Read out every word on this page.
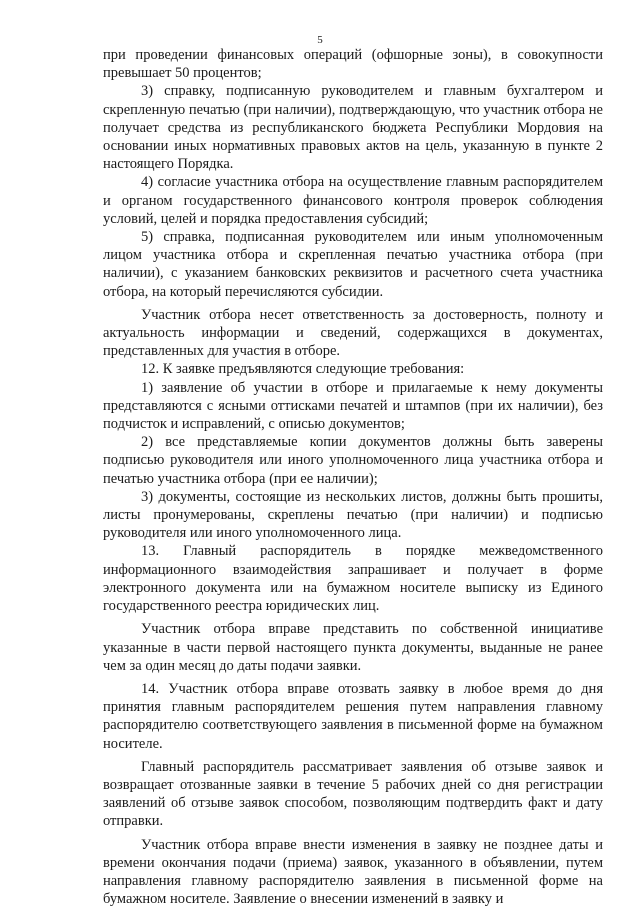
5

при проведении финансовых операций (офшорные зоны), в совокупности превышает 50 процентов;

3) справку, подписанную руководителем и главным бухгалтером и скрепленную печатью (при наличии), подтверждающую, что участник отбора не получает средства из республиканского бюджета Республики Мордовия на основании иных нормативных правовых актов на цель, указанную в пункте 2 настоящего Порядка.

4) согласие участника отбора на осуществление главным распорядителем и органом государственного финансового контроля проверок соблюдения условий, целей и порядка предоставления субсидий;

5) справка, подписанная руководителем или иным уполномоченным лицом участника отбора и скрепленная печатью участника отбора (при наличии), с указанием банковских реквизитов и расчетного счета участника отбора, на который перечисляются субсидии.

Участник отбора несет ответственность за достоверность, полноту и актуальность информации и сведений, содержащихся в документах, представленных для участия в отборе.

12. К заявке предъявляются следующие требования:

1) заявление об участии в отборе и прилагаемые к нему документы представляются с ясными оттисками печатей и штампов (при их наличии), без подчисток и исправлений, с описью документов;

2) все представляемые копии документов должны быть заверены подписью руководителя или иного уполномоченного лица участника отбора и печатью участника отбора (при ее наличии);

3) документы, состоящие из нескольких листов, должны быть прошиты, листы пронумерованы, скреплены печатью (при наличии) и подписью руководителя или иного уполномоченного лица.

13. Главный распорядитель в порядке межведомственного информационного взаимодействия запрашивает и получает в форме электронного документа или на бумажном носителе выписку из Единого государственного реестра юридических лиц.

Участник отбора вправе представить по собственной инициативе указанные в части первой настоящего пункта документы, выданные не ранее чем за один месяц до даты подачи заявки.

14. Участник отбора вправе отозвать заявку в любое время до дня принятия главным распорядителем решения путем направления главному распорядителю соответствующего заявления в письменной форме на бумажном носителе.

Главный распорядитель рассматривает заявления об отзыве заявок и возвращает отозванные заявки в течение 5 рабочих дней со дня регистрации заявлений об отзыве заявок способом, позволяющим подтвердить факт и дату отправки.

Участник отбора вправе внести изменения в заявку не позднее даты и времени окончания подачи (приема) заявок, указанного в объявлении, путем направления главному распорядителю заявления в письменной форме на бумажном носителе. Заявление о внесении изменений в заявку и
